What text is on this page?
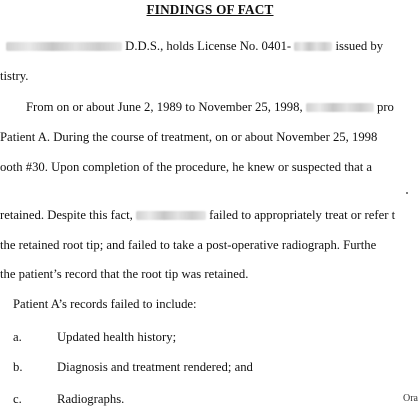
FINDINGS OF FACT
D.D.S., holds License No. 0401-	issued by
tistry.
From on or about June 2, 1989 to November 25, 1998,	pro
Patient A. During the course of treatment, on or about November 25, 1998
ooth #30. Upon completion of the procedure, he knew or suspected that a
retained. Despite this fact,	failed to appropriately treat or refer t
the retained root tip; and failed to take a post-operative radiograph. Furthe
the patient’s record that the root tip was retained.
Patient A’s records failed to include:
a.	Updated health history;
b.	Diagnosis and treatment rendered; and
c.	Radiographs.	Ora
